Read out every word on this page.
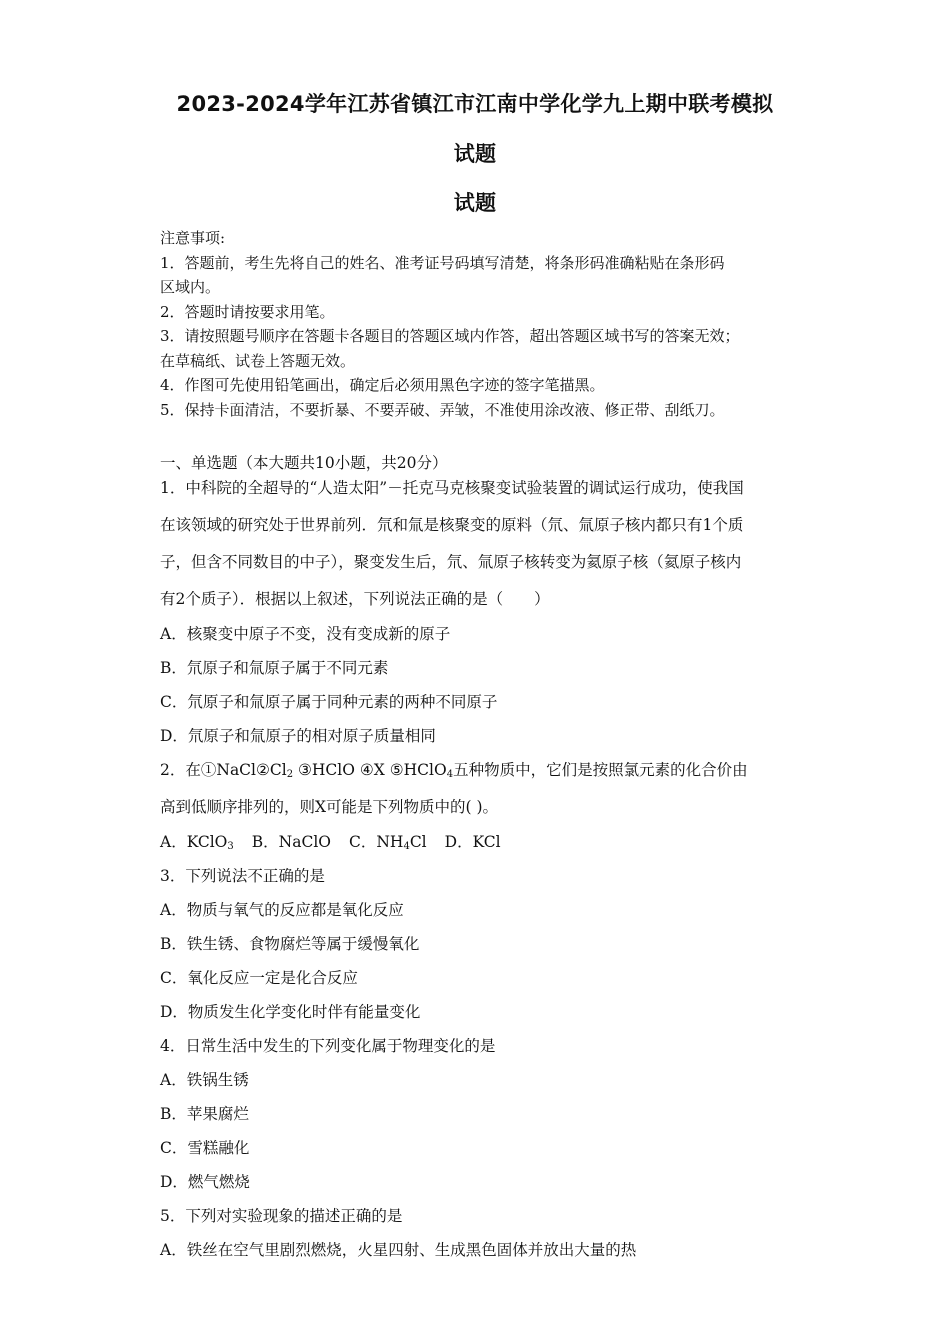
2023-2024学年江苏省镇江市江南中学化学九上期中联考模拟
试题
试题
注意事项:
1．答题前，考生先将自己的姓名、准考证号码填写清楚，将条形码准确粘贴在条形码
区域内。
2．答题时请按要求用笔。
3．请按照题号顺序在答题卡各题目的答题区域内作答，超出答题区域书写的答案无效；
在草稿纸、试卷上答题无效。
4．作图可先使用铅笔画出，确定后必须用黑色字迹的签字笔描黑。
5．保持卡面清洁，不要折暴、不要弄破、弄皱，不准使用涂改液、修正带、刮纸刀。
一、单选题（本大题共10小题，共20分）
1．中科院的全超导的“人造太阳”－托克马克核聚变试验装置的调试运行成功，使我国
在该领域的研究处于世界前列．氘和氚是核聚变的原料（氘、氚原子核内都只有1个质
子，但含不同数目的中子），聚变发生后，氘、氚原子核转变为氦原子核（氦原子核内
有2个质子）．根据以上叙述，下列说法正确的是（　　）
A．核聚变中原子不变，没有变成新的原子
B．氘原子和氚原子属于不同元素
C．氘原子和氚原子属于同种元素的两种不同原子
D．氘原子和氚原子的相对原子质量相同
2．在$①NaCl②Cl_2$ ③HClO ④X ⑤HClO$_4$五种物质中，它们是按照氯元素的化合价由
高到低顺序排列的，则X可能是下列物质中的( )。
A．KClO$_3$ B．NaClO C．$NH_4Cl$ D．KCl
3．下列说法不正确的是
A．物质与氧气的反应都是氧化反应
B．铁生锈、食物腐烂等属于缓慢氧化
C．氧化反应一定是化合反应
D．物质发生化学变化时伴有能量变化
4．日常生活中发生的下列变化属于物理变化的是
A．铁锅生锈
B．苹果腐烂
C．雪糕融化
D．燃气燃烧
5．下列对实验现象的描述正确的是
A．铁丝在空气里剧烈燃烧，火星四射、生成黑色固体并放出大量的热
